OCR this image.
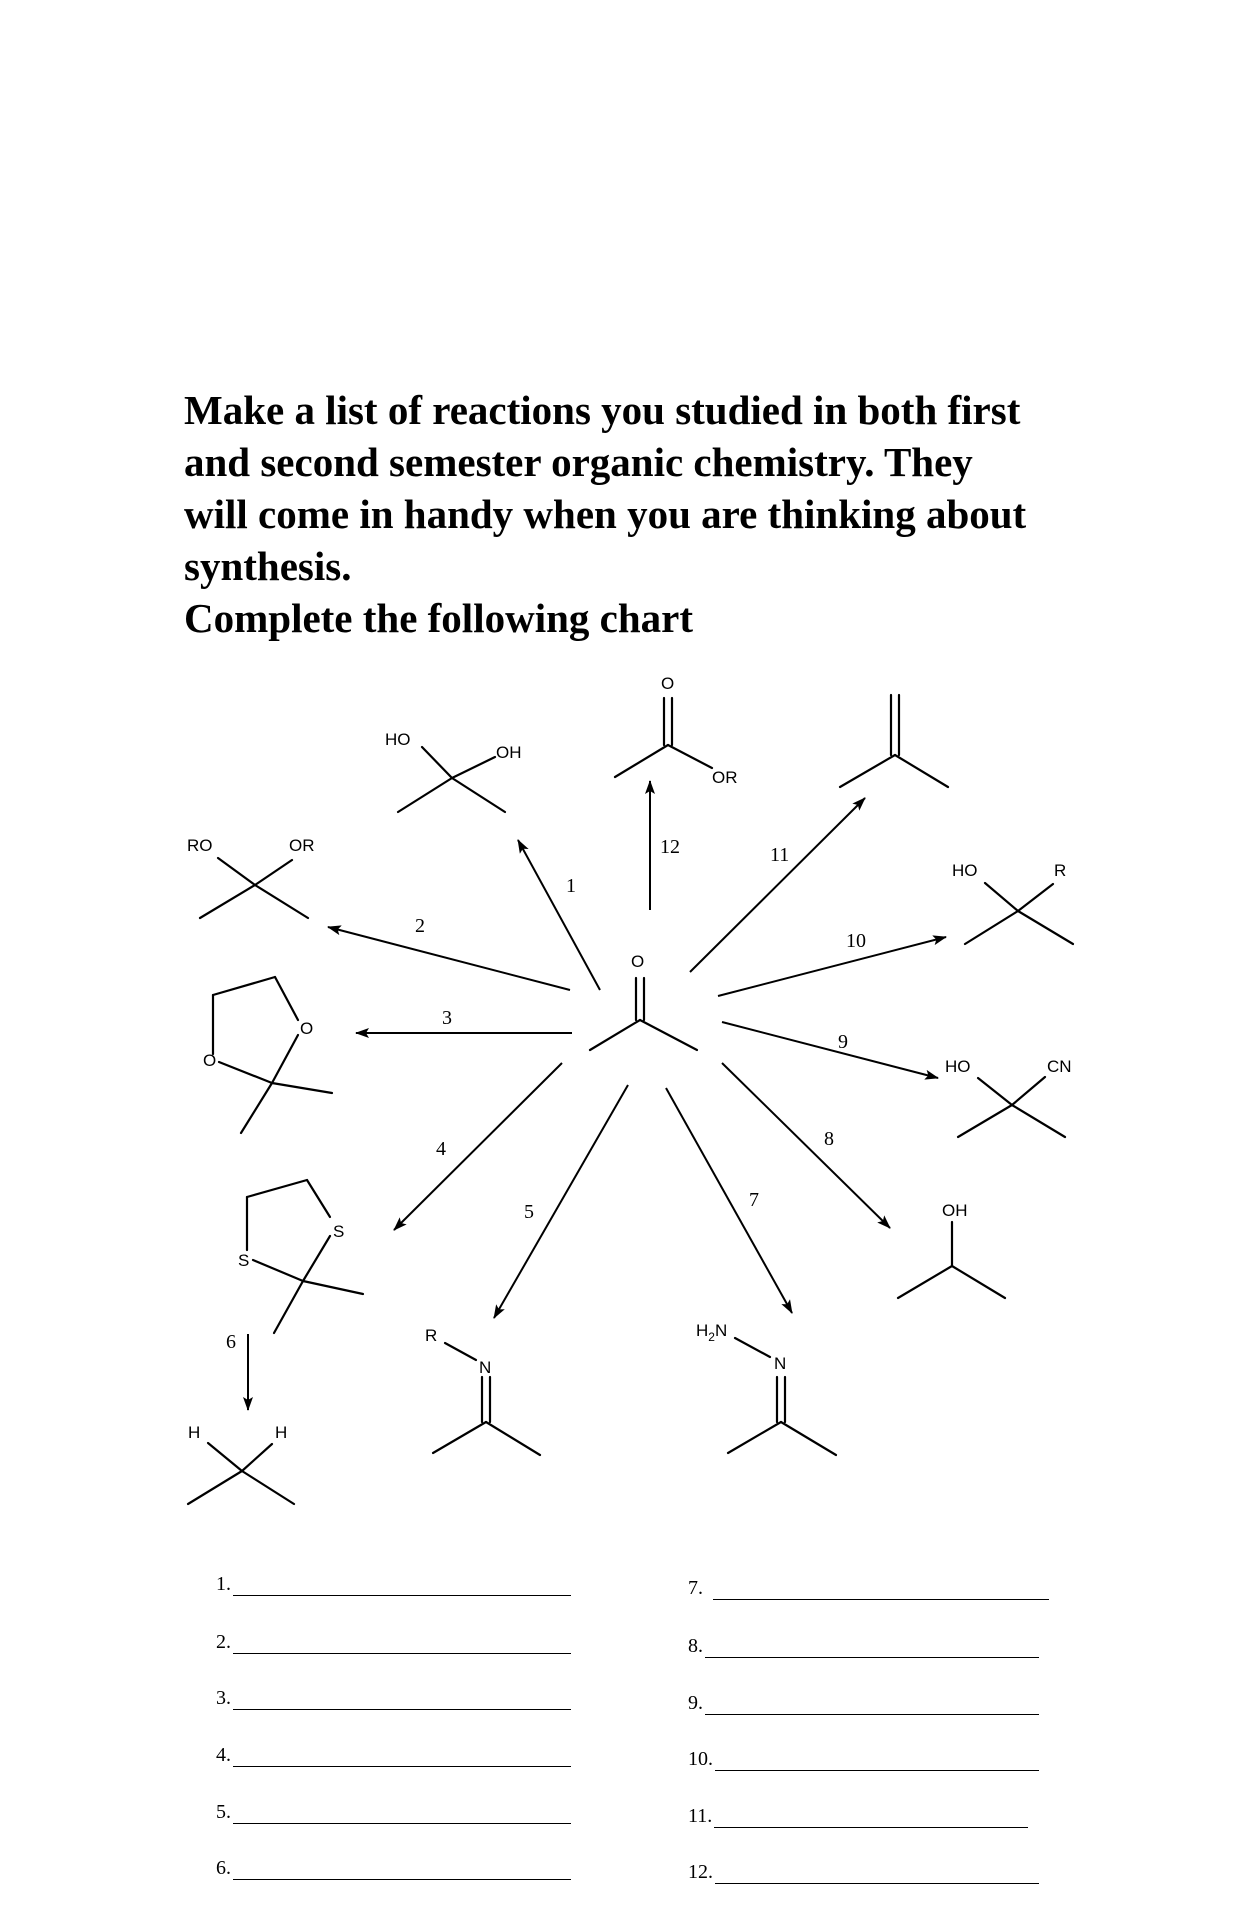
Make a list of reactions you studied in both first
and second semester organic chemistry. They
will come in handy when you are thinking about
synthesis.
Complete the following chart
O
HO
OH
O
OR
RO	OR
O
O
S
S
H	H
R
N
$H_2N$
N
HO	R
HO	CN
OH
1
2
3
4
5
6
7
8
9
10
11
12
1.
2.
3.
4.
5.
6.
7.
8.
9.
10.
11.
12.
